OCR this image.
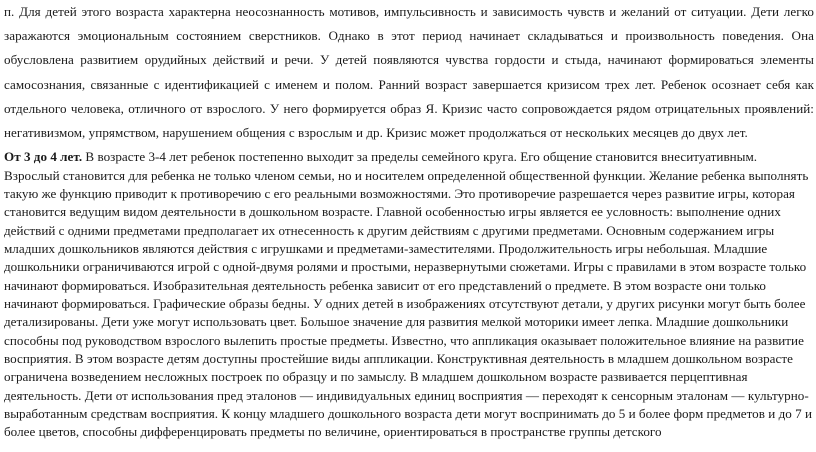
п. Для детей этого возраста характерна неосознанность мотивов, импульсивность и зависимость чувств и желаний от ситуации. Дети легко заражаются эмоциональным состоянием сверстников. Однако в этот период начинает складываться и произвольность поведения. Она обусловлена развитием орудийных действий и речи. У детей появляются чувства гордости и стыда, начинают формироваться элементы самосознания, связанные с идентификацией с именем и полом. Ранний возраст завершается кризисом трех лет. Ребенок осознает себя как отдельного человека, отличного от взрослого. У него формируется образ Я. Кризис часто сопровождается рядом отрицательных проявлений: негативизмом, упрямством, нарушением общения с взрослым и др. Кризис может продолжаться от нескольких месяцев до двух лет.

От 3 до 4 лет. В возрасте 3-4 лет ребенок постепенно выходит за пределы семейного круга. Его общение становится внеситуативным. Взрослый становится для ребенка не только членом семьи, но и носителем определенной общественной функции. Желание ребенка выполнять такую же функцию приводит к противоречию с его реальными возможностями. Это противоречие разрешается через развитие игры, которая становится ведущим видом деятельности в дошкольном возрасте. Главной особенностью игры является ее условность: выполнение одних действий с одними предметами предполагает их отнесенность к другим действиям с другими предметами. Основным содержанием игры младших дошкольников являются действия с игрушками и предметами-заместителями. Продолжительность игры небольшая. Младшие дошкольники ограничиваются игрой с одной-двумя ролями и простыми, неразвернутыми сюжетами. Игры с правилами в этом возрасте только начинают формироваться. Изобразительная деятельность ребенка зависит от его представлений о предмете. В этом возрасте они только начинают формироваться. Графические образы бедны. У одних детей в изображениях отсутствуют детали, у других рисунки могут быть более детализированы. Дети уже могут использовать цвет. Большое значение для развития мелкой моторики имеет лепка. Младшие дошкольники способны под руководством взрослого вылепить простые предметы. Известно, что аппликация оказывает положительное влияние на развитие восприятия. В этом возрасте детям доступны простейшие виды аппликации. Конструктивная деятельность в младшем дошкольном возрасте ограничена возведением несложных построек по образцу и по замыслу. В младшем дошкольном возрасте развивается перцептивная деятельность. Дети от использования пред эталонов — индивидуальных единиц восприятия — переходят к сенсорным эталонам — культурно-выработанным средствам восприятия. К концу младшего дошкольного возраста дети могут воспринимать до 5 и более форм предметов и до 7 и более цветов, способны дифференцировать предметы по величине, ориентироваться в пространстве группы детского
